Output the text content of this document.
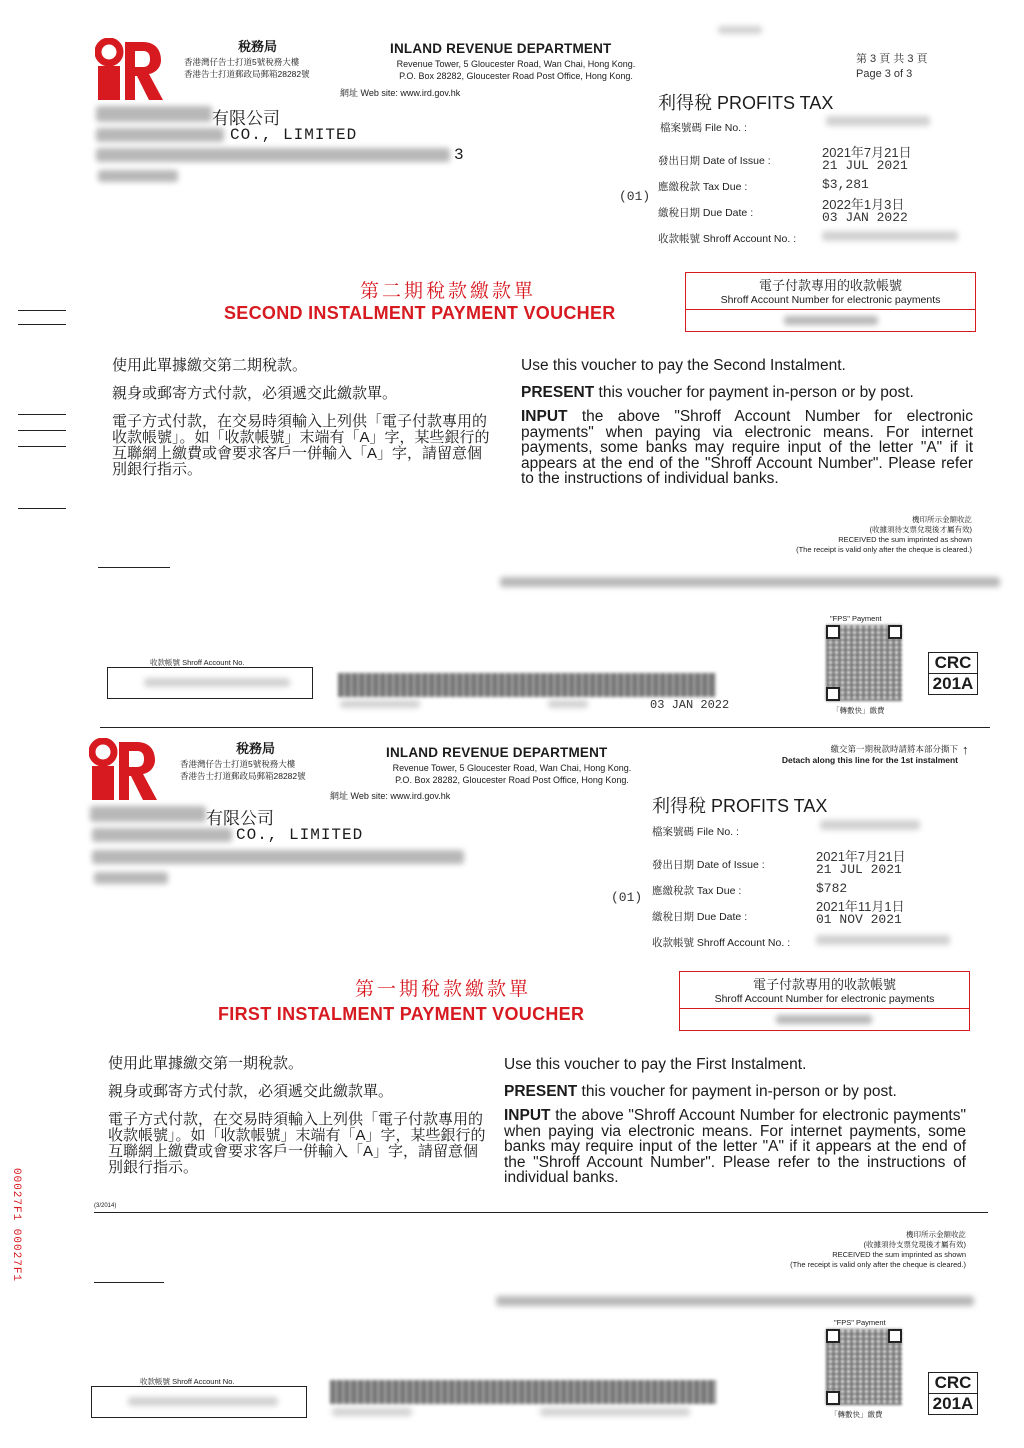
稅務局
香港灣仔告士打道5號稅務大樓
香港告士打道郵政局郵箱28282號
INLAND REVENUE DEPARTMENT
Revenue Tower, 5 Gloucester Road, Wan Chai, Hong Kong.
P.O. Box 28282, Gloucester Road Post Office, Hong Kong.
網址 Web site: www.ird.gov.hk
第 3 頁 共 3 頁
Page 3 of 3
有限公司
CO., LIMITED
3
利得稅 PROFITS TAX
檔案號碼 File No. :
發出日期 Date of Issue :
2021年7月21日
21 JUL 2021
應繳稅款 Tax Due :	$3,281
(01)
繳稅日期 Due Date :
2022年1月3日
03 JAN 2022
收款帳號 Shroff Account No. :
第二期稅款繳款單
SECOND INSTALMENT PAYMENT VOUCHER
電子付款專用的收款帳號
Shroff Account Number for electronic payments
使用此單據繳交第二期稅款。
親身或郵寄方式付款，必須遞交此繳款單。
電子方式付款，在交易時須輸入上列供「電子付款專用的收款帳號」。如「收款帳號」末端有「A」字，某些銀行的互聯網上繳費或會要求客戶一併輸入「A」字，請留意個別銀行指示。
Use this voucher to pay the Second Instalment.
PRESENT this voucher for payment in-person or by post.
INPUT the above "Shroff Account Number for electronic payments" when paying via electronic means. For internet payments, some banks may require input of the letter "A" if it appears at the end of the "Shroff Account Number". Please refer to the instructions of individual banks.
機印所示金額收訖
(收據須待支票兌現後才屬有效)
RECEIVED the sum imprinted as shown
(The receipt is valid only after the cheque is cleared.)
"FPS" Payment
「轉數快」繳費
CRC
201A
收款帳號 Shroff Account No.
03 JAN 2022
繳交第一期稅款時請將本部分撕下
Detach along this line for the 1st instalment
↑
稅務局
香港灣仔告士打道5號稅務大樓
香港告士打道郵政局郵箱28282號
INLAND REVENUE DEPARTMENT
Revenue Tower, 5 Gloucester Road, Wan Chai, Hong Kong.
P.O. Box 28282, Gloucester Road Post Office, Hong Kong.
網址 Web site: www.ird.gov.hk
有限公司
CO., LIMITED
利得稅 PROFITS TAX
檔案號碼 File No. :
發出日期 Date of Issue :
2021年7月21日
21 JUL 2021
應繳稅款 Tax Due :	$782
(01)
繳稅日期 Due Date :
2021年11月1日
01 NOV 2021
收款帳號 Shroff Account No. :
第一期稅款繳款單
FIRST INSTALMENT PAYMENT VOUCHER
電子付款專用的收款帳號
Shroff Account Number for electronic payments
使用此單據繳交第一期稅款。
親身或郵寄方式付款，必須遞交此繳款單。
電子方式付款，在交易時須輸入上列供「電子付款專用的收款帳號」。如「收款帳號」末端有「A」字，某些銀行的互聯網上繳費或會要求客戶一併輸入「A」字，請留意個別銀行指示。
Use this voucher to pay the First Instalment.
PRESENT this voucher for payment in-person or by post.
INPUT the above "Shroff Account Number for electronic payments" when paying via electronic means. For internet payments, some banks may require input of the letter "A" if it appears at the end of the "Shroff Account Number". Please refer to the instructions of individual banks.
(3/2014)
機印所示金額收訖
(收據須待支票兌現後才屬有效)
RECEIVED the sum imprinted as shown
(The receipt is valid only after the cheque is cleared.)
"FPS" Payment
「轉數快」繳費
CRC
201A
收款帳號 Shroff Account No.
00027F1 00027F1
